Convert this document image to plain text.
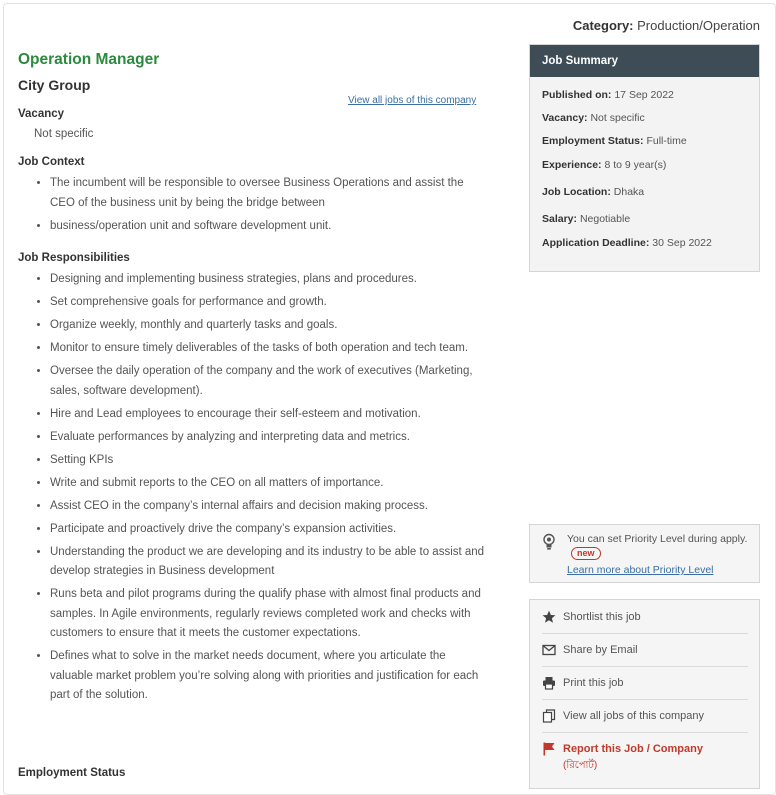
Category: Production/Operation
Operation Manager
City Group
View all jobs of this company
Vacancy
Not specific
Job Context
• The incumbent will be responsible to oversee Business Operations and assist the CEO of the business unit by being the bridge between
• business/operation unit and software development unit.
Job Responsibilities
• Designing and implementing business strategies, plans and procedures.
• Set comprehensive goals for performance and growth.
• Organize weekly, monthly and quarterly tasks and goals.
• Monitor to ensure timely deliverables of the tasks of both operation and tech team.
• Oversee the daily operation of the company and the work of executives (Marketing, sales, software development).
• Hire and Lead employees to encourage their self-esteem and motivation.
• Evaluate performances by analyzing and interpreting data and metrics.
• Setting KPIs
• Write and submit reports to the CEO on all matters of importance.
• Assist CEO in the company’s internal affairs and decision making process.
• Participate and proactively drive the company’s expansion activities.
• Understanding the product we are developing and its industry to be able to assist and develop strategies in Business development
• Runs beta and pilot programs during the qualify phase with almost final products and samples. In Agile environments, regularly reviews completed work and checks with customers to ensure that it meets the customer expectations.
• Defines what to solve in the market needs document, where you articulate the valuable market problem you’re solving along with priorities and justification for each part of the solution.
Employment Status
Job Summary
Published on: 17 Sep 2022
Vacancy: Not specific
Employment Status: Full-time
Experience: 8 to 9 year(s)
Job Location: Dhaka
Salary: Negotiable
Application Deadline: 30 Sep 2022
You can set Priority Level during apply.new
Learn more about Priority Level
Shortlist this job
Share by Email
Print this job
View all jobs of this company
Report this Job / Company
(রিপোর্ট)
